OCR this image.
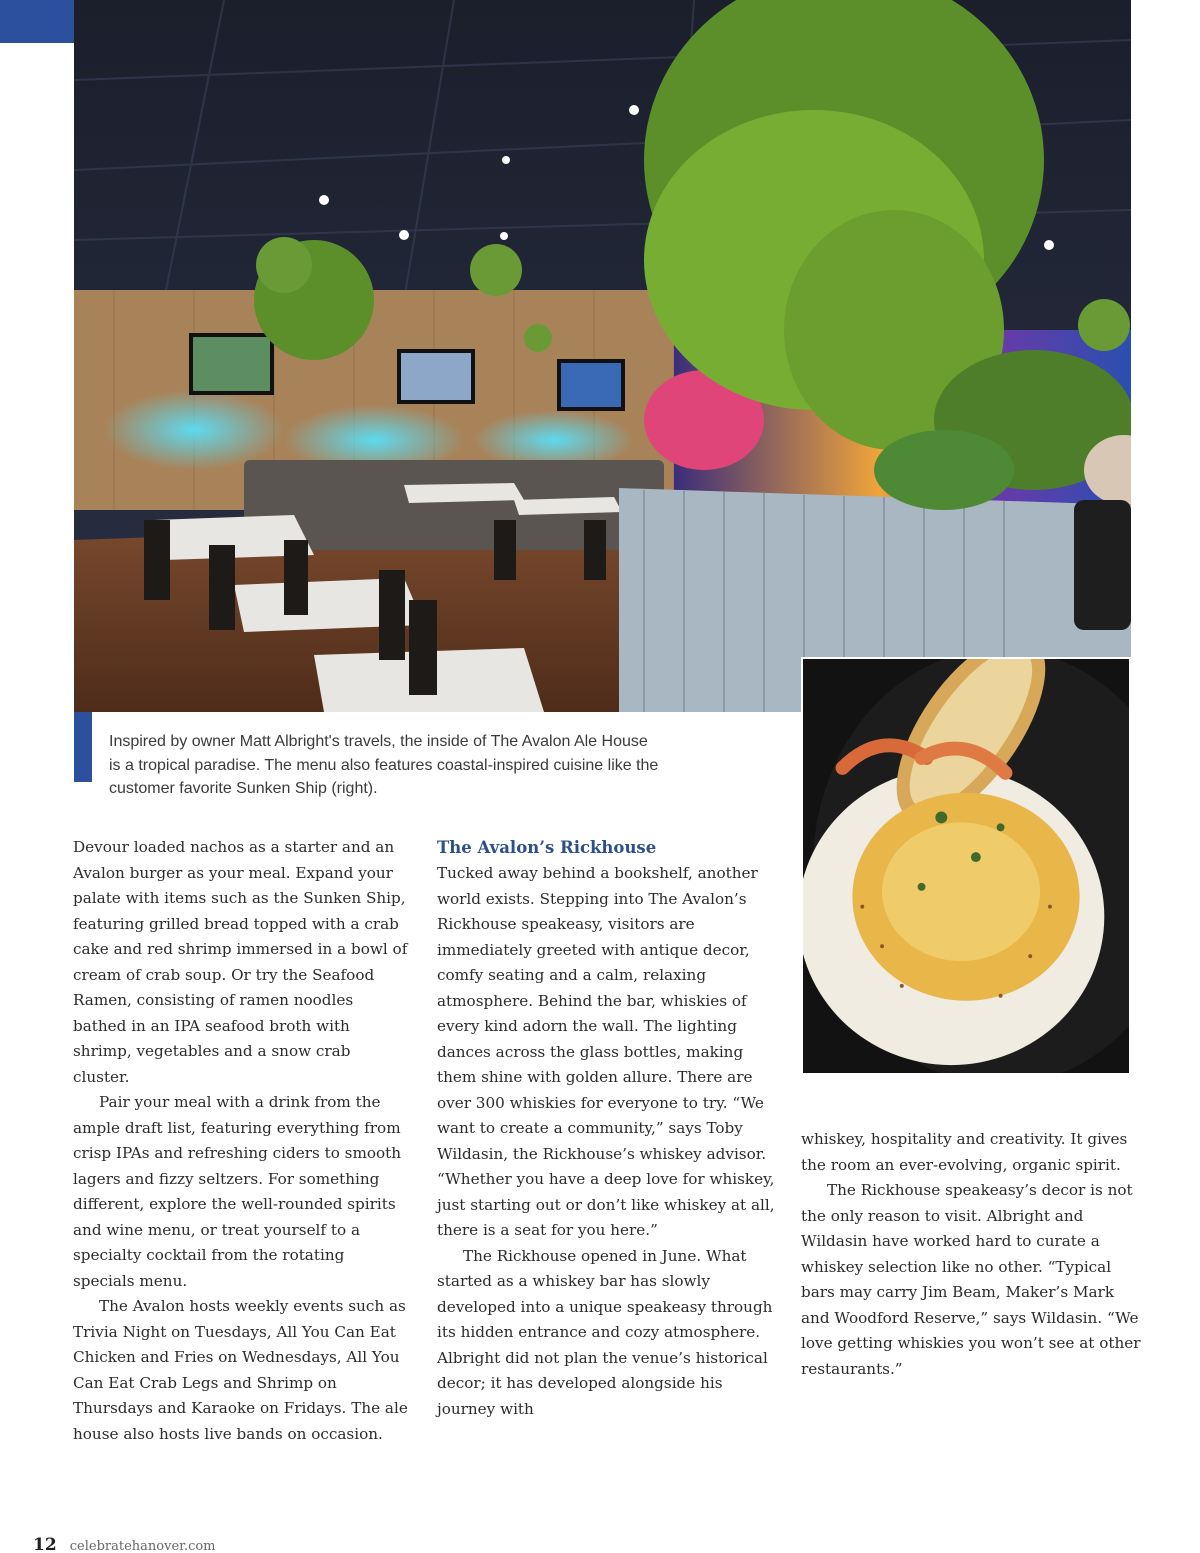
Inspired by owner Matt Albright's travels, the inside of The Avalon Ale House
is a tropical paradise. The menu also features coastal-inspired cuisine like the
customer favorite Sunken Ship (right).

Devour loaded nachos as a starter and an Avalon burger as your meal. Expand your palate with items such as the Sunken Ship, featuring grilled bread topped with a crab cake and red shrimp immersed in a bowl of cream of crab soup. Or try the Seafood Ramen, consisting of ramen noodles bathed in an IPA seafood broth with shrimp, vegetables and a snow crab cluster.

Pair your meal with a drink from the ample draft list, featuring everything from crisp IPAs and refreshing ciders to smooth lagers and fizzy seltzers. For something different, explore the well-rounded spirits and wine menu, or treat yourself to a specialty cocktail from the rotating specials menu.

The Avalon hosts weekly events such as Trivia Night on Tuesdays, All You Can Eat Chicken and Fries on Wednesdays, All You Can Eat Crab Legs and Shrimp on Thursdays and Karaoke on Fridays. The ale house also hosts live bands on occasion.

The Avalon’s Rickhouse

Tucked away behind a bookshelf, another world exists. Stepping into The Avalon’s Rickhouse speakeasy, visitors are immediately greeted with antique decor, comfy seating and a calm, relaxing atmosphere. Behind the bar, whiskies of every kind adorn the wall. The lighting dances across the glass bottles, making them shine with golden allure. There are over 300 whiskies for everyone to try. “We want to create a community,” says Toby Wildasin, the Rickhouse’s whiskey advisor. “Whether you have a deep love for whiskey, just starting out or don’t like whiskey at all, there is a seat for you here.”

The Rickhouse opened in June. What started as a whiskey bar has slowly developed into a unique speakeasy through its hidden entrance and cozy atmosphere. Albright did not plan the venue’s historical decor; it has developed alongside his journey with

whiskey, hospitality and creativity. It gives the room an ever-evolving, organic spirit.

The Rickhouse speakeasy’s decor is not the only reason to visit. Albright and Wildasin have worked hard to curate a whiskey selection like no other. “Typical bars may carry Jim Beam, Maker’s Mark and Woodford Reserve,” says Wildasin. “We love getting whiskies you won’t see at other restaurants.”

12 celebratehanover.com
